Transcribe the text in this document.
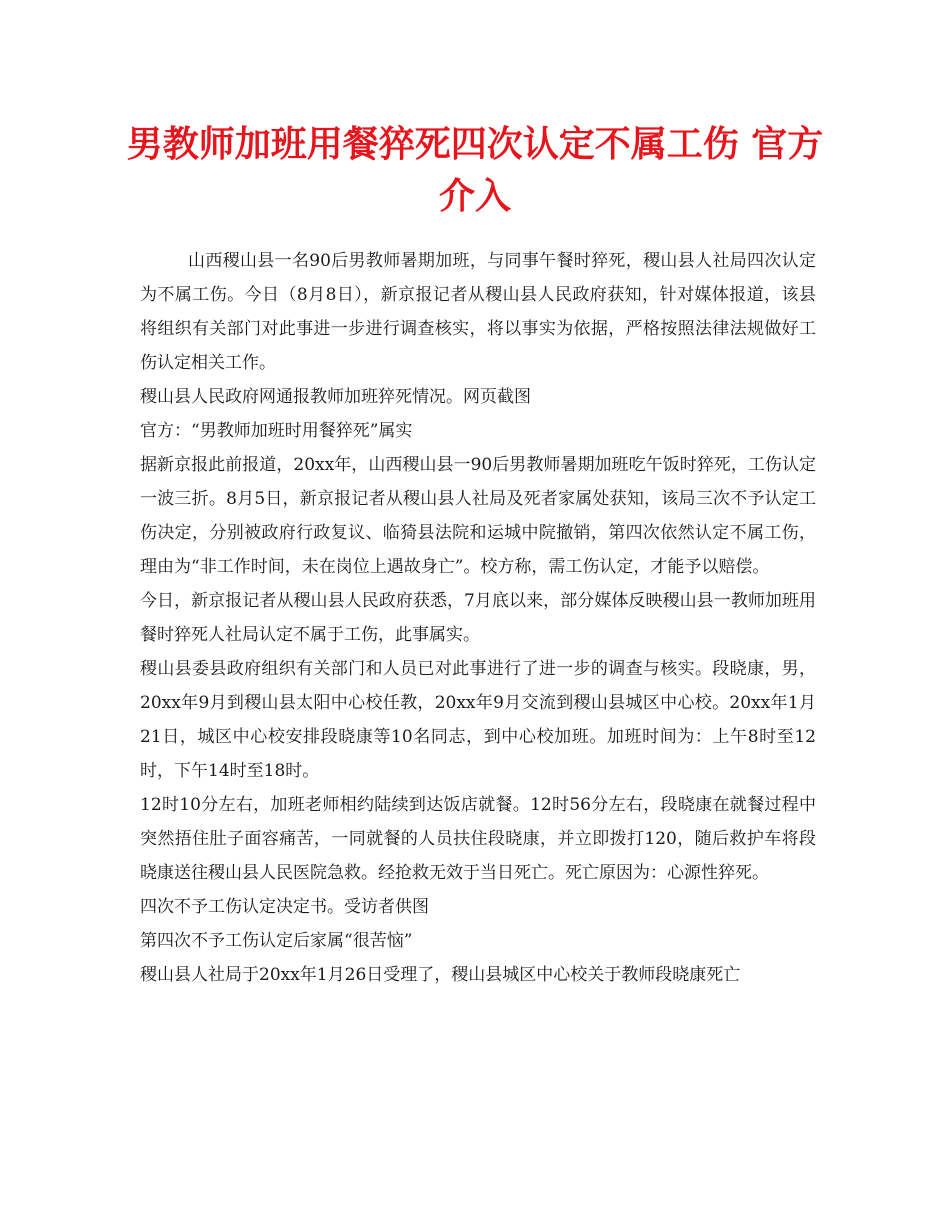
男教师加班用餐猝死四次认定不属工伤 官方介入

山西稷山县一名90后男教师暑期加班，与同事午餐时猝死，稷山县人社局四次认定为不属工伤。今日（8月8日），新京报记者从稷山县人民政府获知，针对媒体报道，该县将组织有关部门对此事进一步进行调查核实，将以事实为依据，严格按照法律法规做好工伤认定相关工作。

稷山县人民政府网通报教师加班猝死情况。网页截图

官方：“男教师加班时用餐猝死”属实

据新京报此前报道，20xx年，山西稷山县一90后男教师暑期加班吃午饭时猝死，工伤认定一波三折。8月5日，新京报记者从稷山县人社局及死者家属处获知，该局三次不予认定工伤决定，分别被政府行政复议、临猗县法院和运城中院撤销，第四次依然认定不属工伤，理由为“非工作时间，未在岗位上遇故身亡”。校方称，需工伤认定，才能予以赔偿。

今日，新京报记者从稷山县人民政府获悉，7月底以来，部分媒体反映稷山县一教师加班用餐时猝死人社局认定不属于工伤，此事属实。

稷山县委县政府组织有关部门和人员已对此事进行了进一步的调查与核实。段晓康，男，20xx年9月到稷山县太阳中心校任教，20xx年9月交流到稷山县城区中心校。20xx年1月21日，城区中心校安排段晓康等10名同志，到中心校加班。加班时间为：上午8时至12时，下午14时至18时。

12时10分左右，加班老师相约陆续到达饭店就餐。12时56分左右，段晓康在就餐过程中突然捂住肚子面容痛苦，一同就餐的人员扶住段晓康，并立即拨打120，随后救护车将段晓康送往稷山县人民医院急救。经抢救无效于当日死亡。死亡原因为：心源性猝死。

四次不予工伤认定决定书。受访者供图

第四次不予工伤认定后家属“很苦恼”

稷山县人社局于20xx年1月26日受理了，稷山县城区中心校关于教师段晓康死亡
